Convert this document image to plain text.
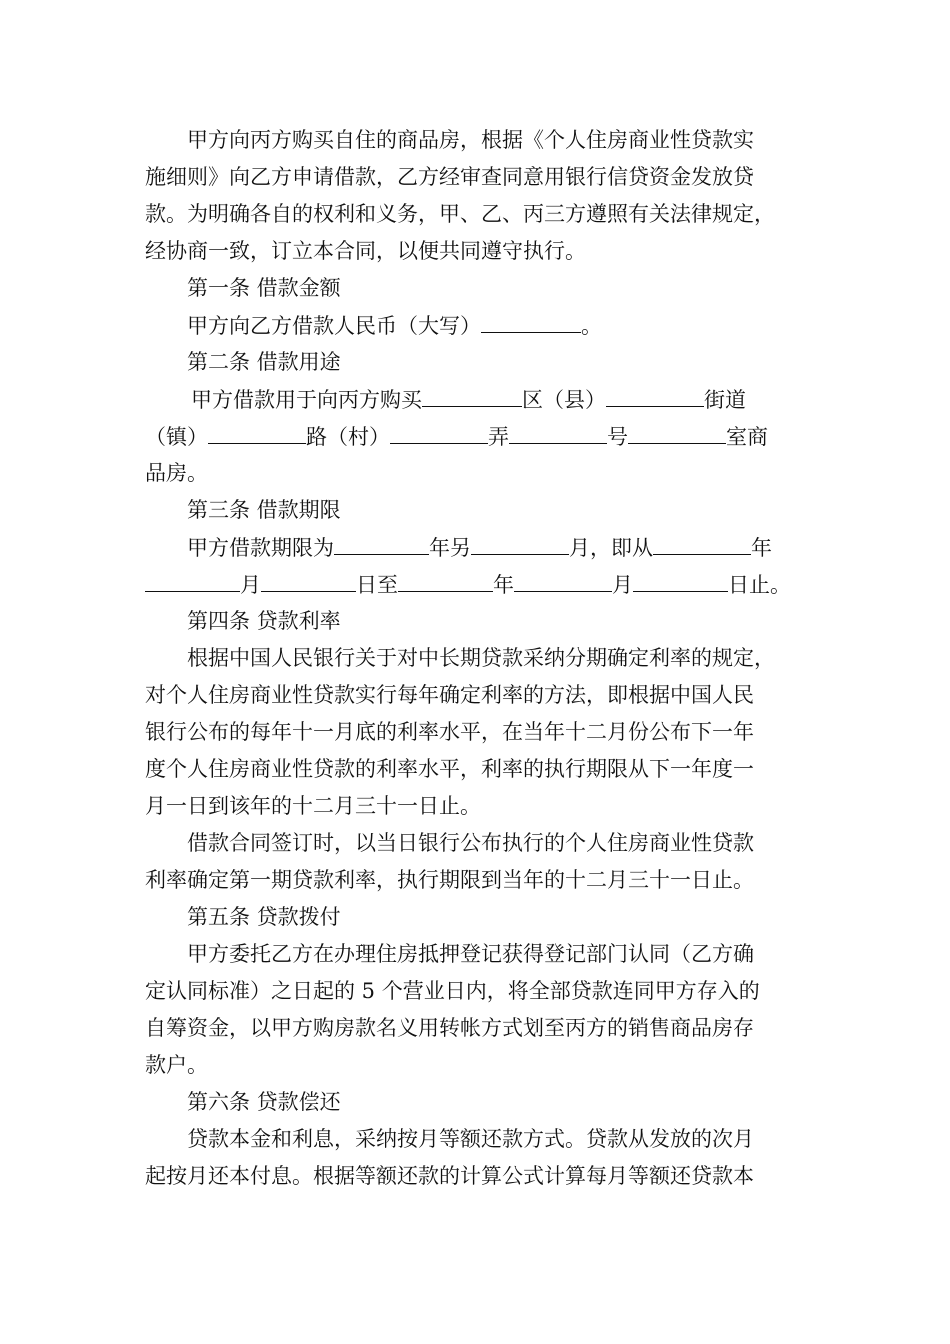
甲方向丙方购买自住的商品房，根据《个人住房商业性贷款实
施细则》向乙方申请借款，乙方经审查同意用银行信贷资金发放贷
款。为明确各自的权利和义务，甲、乙、丙三方遵照有关法律规定，
经协商一致，订立本合同，以便共同遵守执行。
第一条 借款金额
甲方向乙方借款人民币（大写）	。
第二条 借款用途
甲方借款用于向丙方购买	区（县）	街道
（镇）	路（村）	弄	号	室商
品房。
第三条 借款期限
甲方借款期限为	年另	月，即从	年
月	日至	年	月	日止。
第四条 贷款利率
根据中国人民银行关于对中长期贷款采纳分期确定利率的规定，
对个人住房商业性贷款实行每年确定利率的方法，即根据中国人民
银行公布的每年十一月底的利率水平，在当年十二月份公布下一年
度个人住房商业性贷款的利率水平，利率的执行期限从下一年度一
月一日到该年的十二月三十一日止。
借款合同签订时，以当日银行公布执行的个人住房商业性贷款
利率确定第一期贷款利率，执行期限到当年的十二月三十一日止。
第五条 贷款拨付
甲方委托乙方在办理住房抵押登记获得登记部门认同（乙方确
定认同标准）之日起的 5 个营业日内，将全部贷款连同甲方存入的
自筹资金，以甲方购房款名义用转帐方式划至丙方的销售商品房存
款户。
第六条 贷款偿还
贷款本金和利息，采纳按月等额还款方式。贷款从发放的次月
起按月还本付息。根据等额还款的计算公式计算每月等额还贷款本
